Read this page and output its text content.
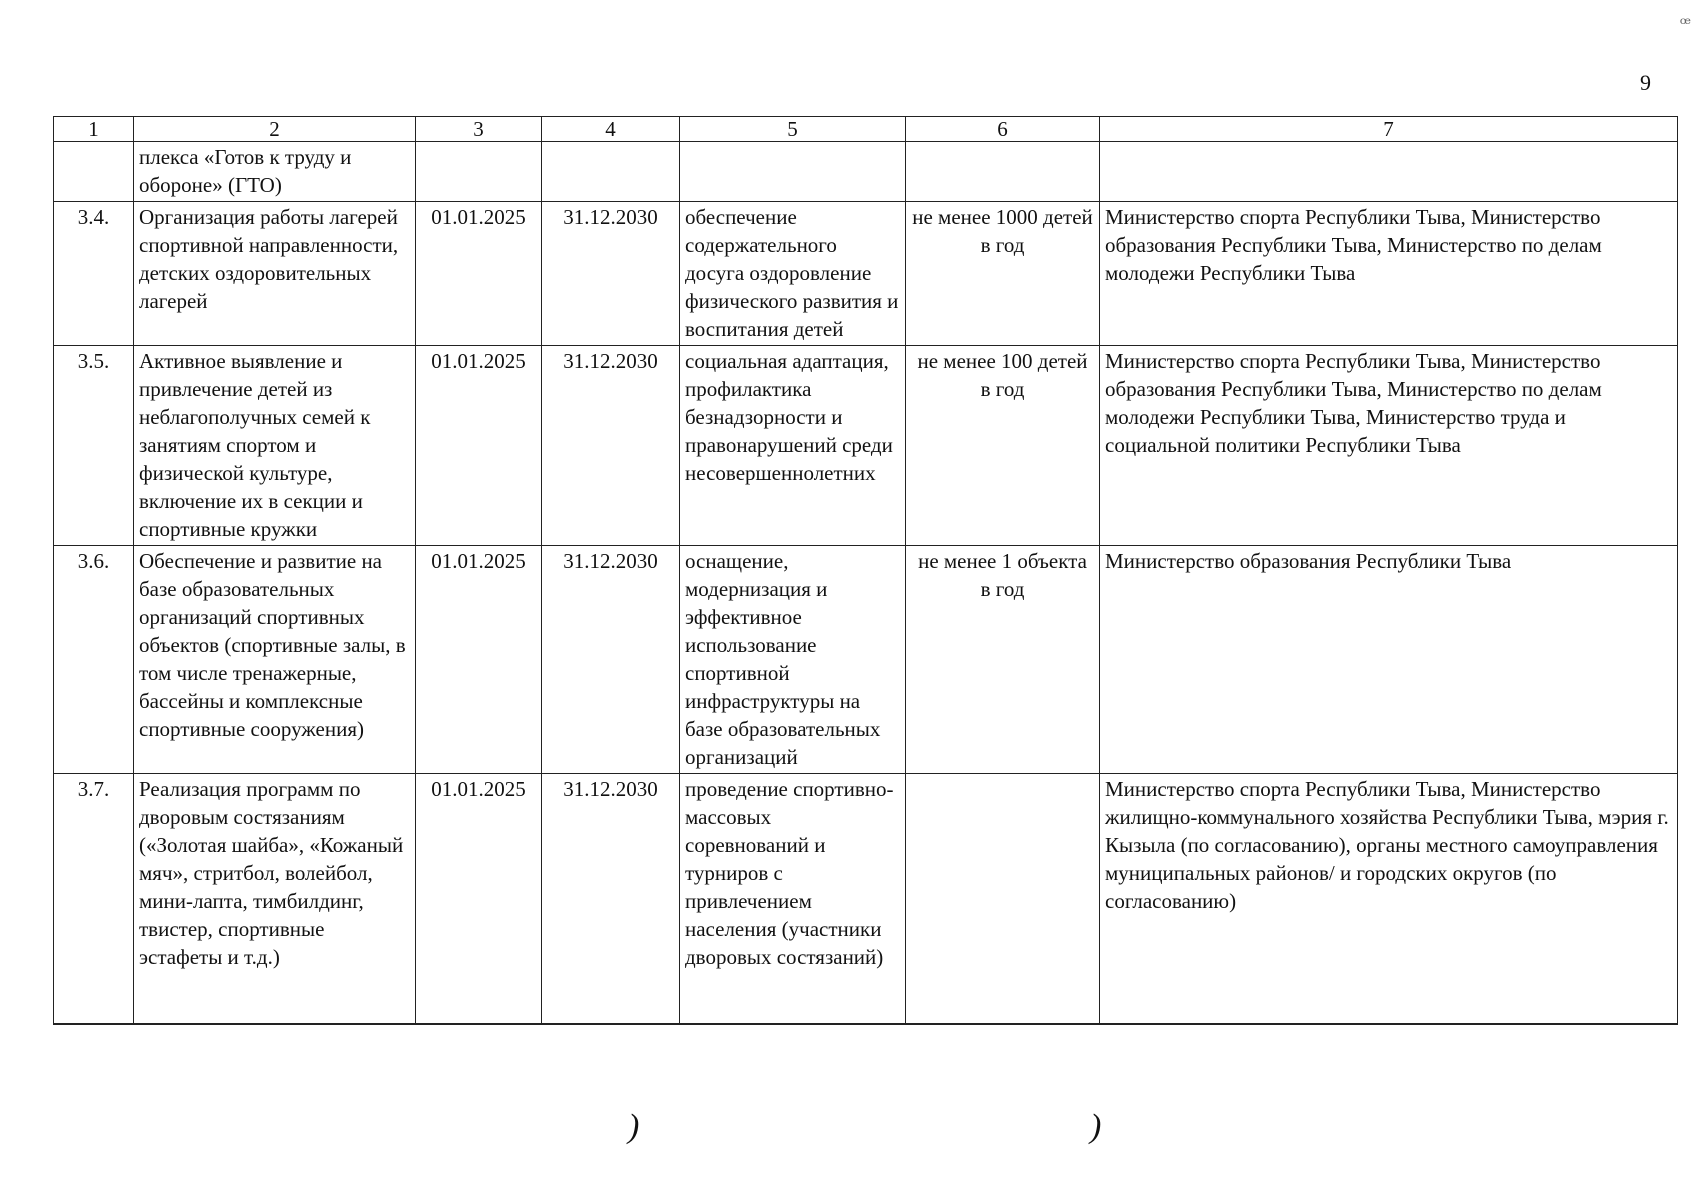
ꟹ
9
1	2	3	4	5	6	7
	плекса «Готов к труду и обороне» (ГТО)					
3.4.	Организация работы лагерей спортивной направленности, детских оздоровительных лагерей	01.01.2025	31.12.2030	обеспечение содержательного досуга оздоровление физического развития и воспитания детей	не менее 1000 детей в год	Министерство спорта Республики Тыва, Министерство образования Республики Тыва, Министерство по делам молодежи Республики Тыва
3.5.	Активное выявление и привлечение детей из неблагополучных семей к занятиям спортом и физической культуре, включение их в секции и спортивные кружки	01.01.2025	31.12.2030	социальная адаптация, профилактика безнадзорности и правонарушений среди несовершеннолетних	не менее 100 детей в год	Министерство спорта Республики Тыва, Министерство образования Республики Тыва, Министерство по делам молодежи Республики Тыва, Министерство труда и социальной политики Республики Тыва
3.6.	Обеспечение и развитие на базе образовательных организаций спортивных объектов (спортивные залы, в том числе тренажерные, бассейны и комплексные спортивные сооружения)	01.01.2025	31.12.2030	оснащение, модернизация и эффективное использование спортивной инфраструктуры на базе образовательных организаций	не менее 1 объекта в год	Министерство образования Республики Тыва
3.7.	Реализация программ по дворовым состязаниям («Золотая шайба», «Кожаный мяч», стритбол, волейбол, мини-лапта, тимбилдинг, твистер, спортивные эстафеты и т.д.)	01.01.2025	31.12.2030	проведение спортивно-массовых соревнований и турниров с привлечением населения (участники дворовых состязаний)		Министерство спорта Республики Тыва, Министерство жилищно-коммунального хозяйства Республики Тыва, мэрия г. Кызыла (по согласованию), органы местного самоуправления муниципальных районов/ и городских округов (по согласованию)
)	)
